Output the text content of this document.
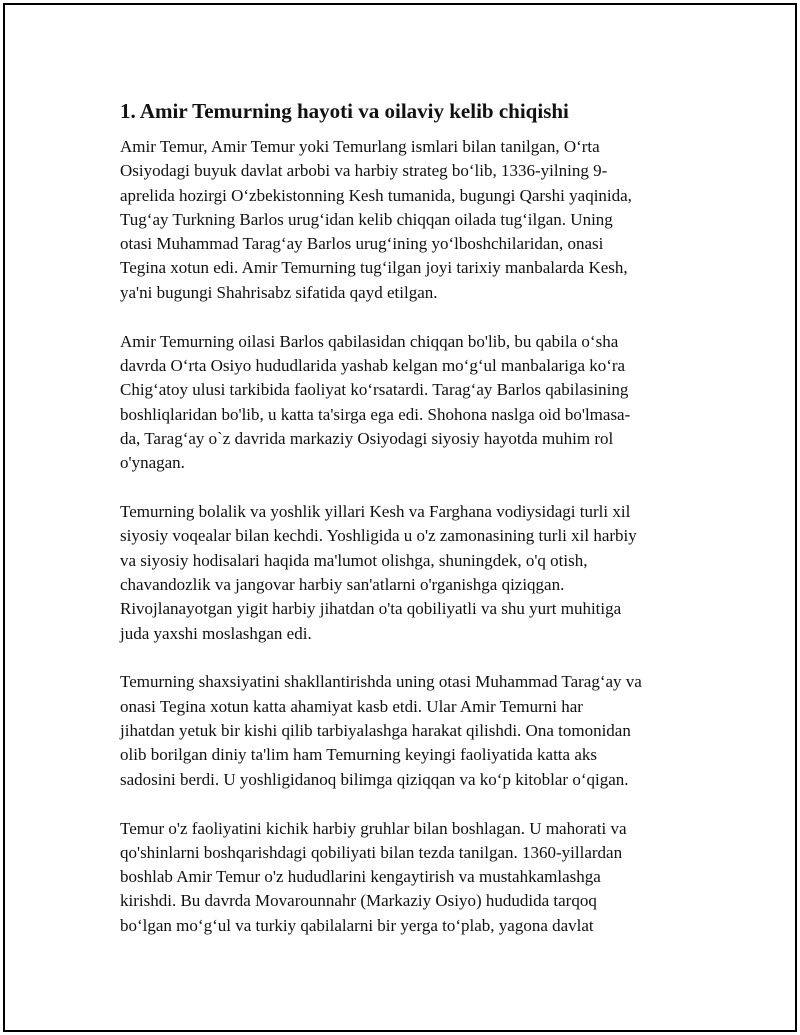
1. Amir Temurning hayoti va oilaviy kelib chiqishi

Amir Temur, Amir Temur yoki Temurlang ismlari bilan tanilgan, O‘rta
Osiyodagi buyuk davlat arbobi va harbiy strateg bo‘lib, 1336-yilning 9-
aprelida hozirgi O‘zbekistonning Kesh tumanida, bugungi Qarshi yaqinida,
Tug‘ay Turkning Barlos urug‘idan kelib chiqqan oilada tug‘ilgan. Uning
otasi Muhammad Tarag‘ay Barlos urug‘ining yo‘lboshchilaridan, onasi
Tegina xotun edi. Amir Temurning tug‘ilgan joyi tarixiy manbalarda Kesh,
ya'ni bugungi Shahrisabz sifatida qayd etilgan.

Amir Temurning oilasi Barlos qabilasidan chiqqan bo'lib, bu qabila o‘sha
davrda O‘rta Osiyo hududlarida yashab kelgan mo‘g‘ul manbalariga ko‘ra
Chig‘atoy ulusi tarkibida faoliyat ko‘rsatardi. Tarag‘ay Barlos qabilasining
boshliqlaridan bo'lib, u katta ta'sirga ega edi. Shohona naslga oid bo'lmasa-
da, Tarag‘ay o`z davrida markaziy Osiyodagi siyosiy hayotda muhim rol
o'ynagan.

Temurning bolalik va yoshlik yillari Kesh va Farghana vodiysidagi turli xil
siyosiy voqealar bilan kechdi. Yoshligida u o'z zamonasining turli xil harbiy
va siyosiy hodisalari haqida ma'lumot olishga, shuningdek, o'q otish,
chavandozlik va jangovar harbiy san'atlarni o'rganishga qiziqgan.
Rivojlanayotgan yigit harbiy jihatdan o'ta qobiliyatli va shu yurt muhitiga
juda yaxshi moslashgan edi.

Temurning shaxsiyatini shakllantirishda uning otasi Muhammad Tarag‘ay va
onasi Tegina xotun katta ahamiyat kasb etdi. Ular Amir Temurni har
jihatdan yetuk bir kishi qilib tarbiyalashga harakat qilishdi. Ona tomonidan
olib borilgan diniy ta'lim ham Temurning keyingi faoliyatida katta aks
sadosini berdi. U yoshligidanoq bilimga qiziqqan va ko‘p kitoblar o‘qigan.

Temur o'z faoliyatini kichik harbiy gruhlar bilan boshlagan. U mahorati va
qo'shinlarni boshqarishdagi qobiliyati bilan tezda tanilgan. 1360-yillardan
boshlab Amir Temur o'z hududlarini kengaytirish va mustahkamlashga
kirishdi. Bu davrda Movarounnahr (Markaziy Osiyo) hududida tarqoq
bo‘lgan mo‘g‘ul va turkiy qabilalarni bir yerga to‘plab, yagona davlat
